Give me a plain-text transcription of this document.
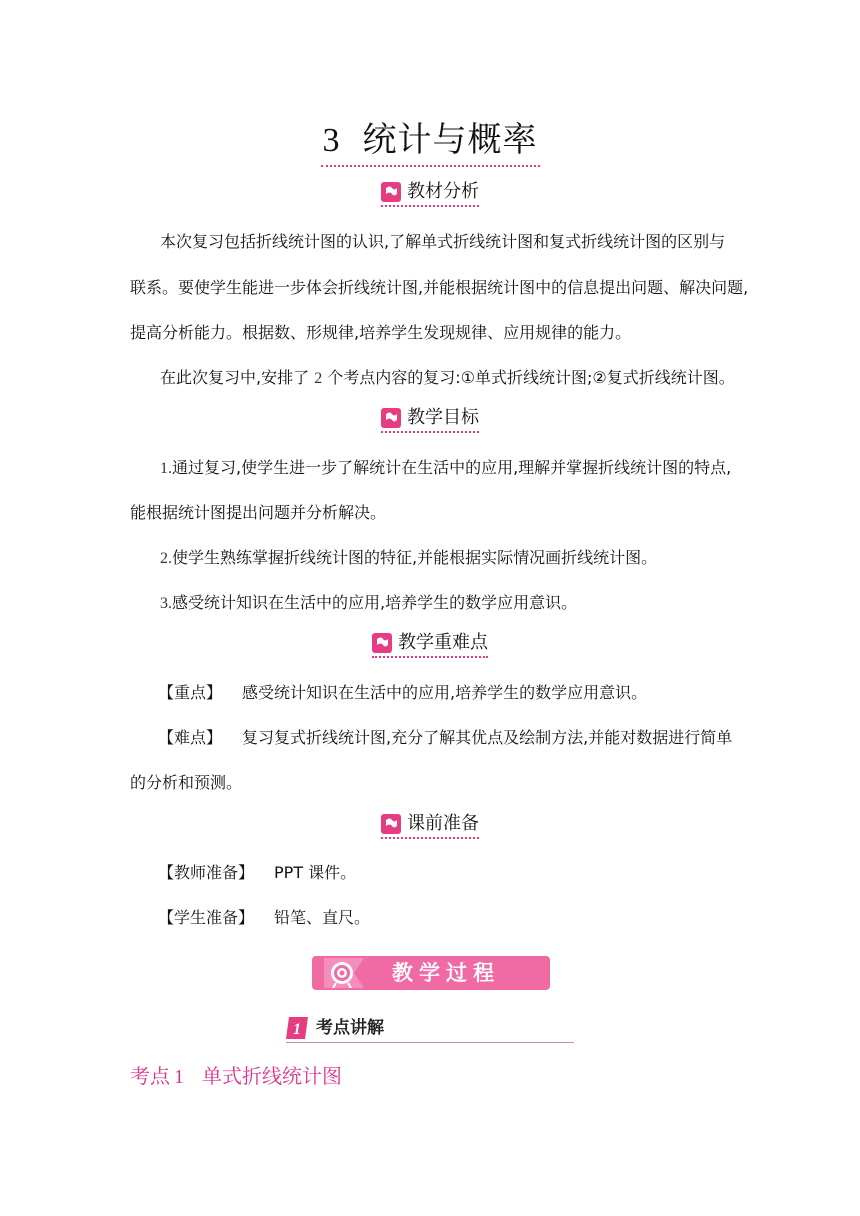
3 统计与概率
教材分析
本次复习包括折线统计图的认识,了解单式折线统计图和复式折线统计图的区别与
联系。要使学生能进一步体会折线统计图,并能根据统计图中的信息提出问题、解决问题,
提高分析能力。根据数、形规律,培养学生发现规律、应用规律的能力。
在此次复习中,安排了 2 个考点内容的复习:①单式折线统计图;②复式折线统计图。
教学目标
1.通过复习,使学生进一步了解统计在生活中的应用,理解并掌握折线统计图的特点,
能根据统计图提出问题并分析解决。
2.使学生熟练掌握折线统计图的特征,并能根据实际情况画折线统计图。
3.感受统计知识在生活中的应用,培养学生的数学应用意识。
教学重难点
【重点】 感受统计知识在生活中的应用,培养学生的数学应用意识。
【难点】 复习复式折线统计图,充分了解其优点及绘制方法,并能对数据进行简单
的分析和预测。
课前准备
【教师准备】 PPT 课件。
【学生准备】 铅笔、直尺。
教学过程
1 考点讲解
考点 1 单式折线统计图
